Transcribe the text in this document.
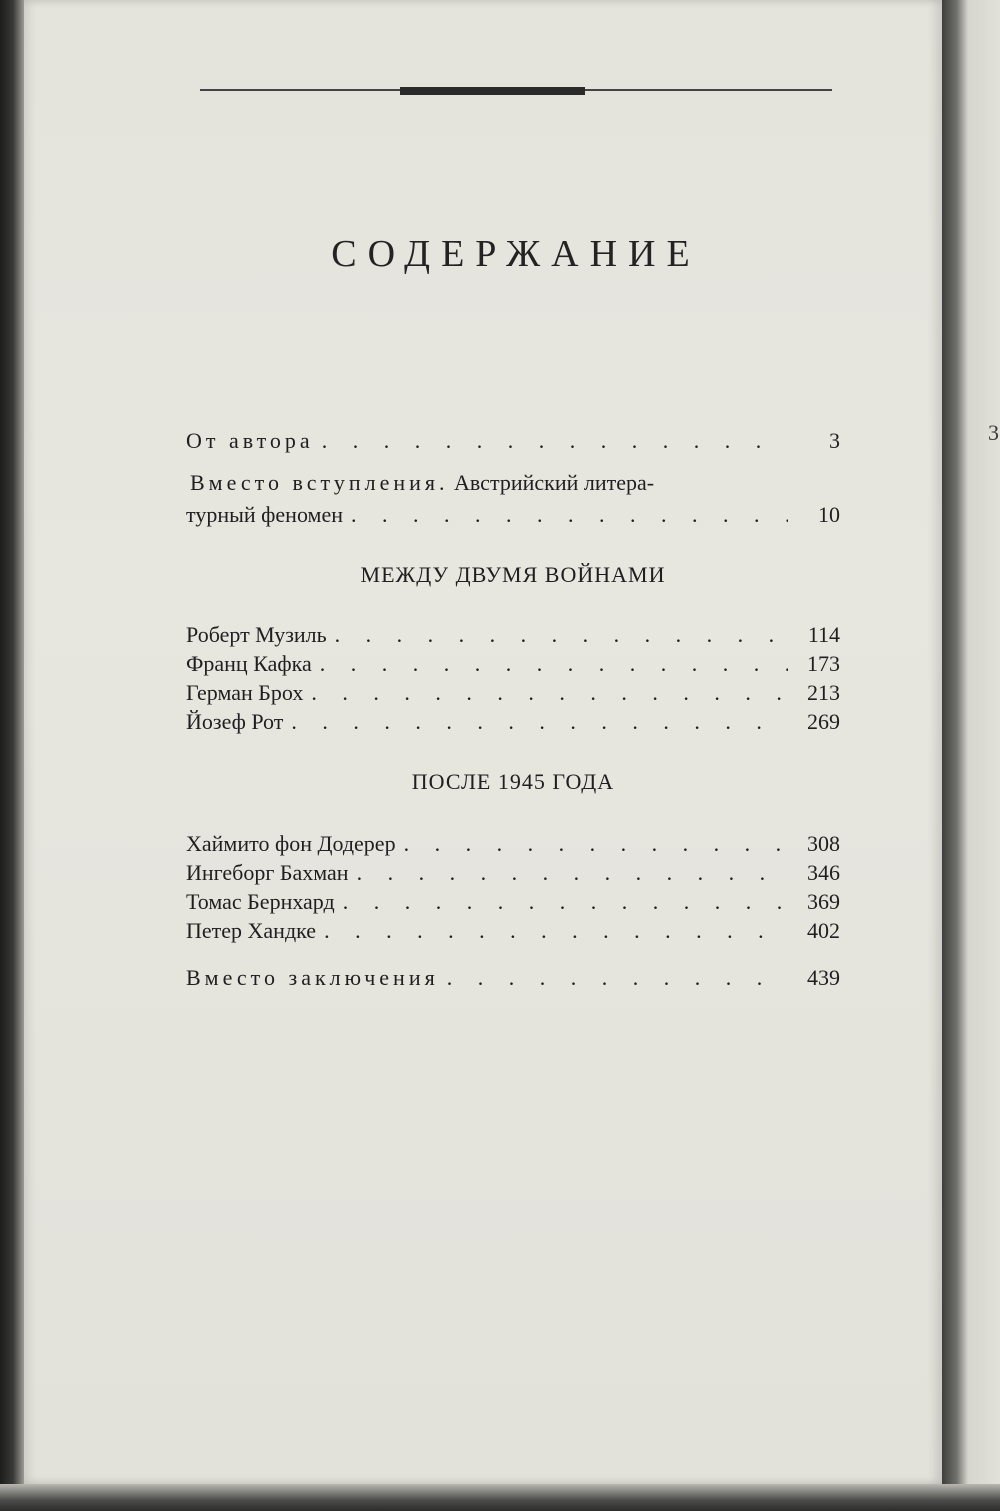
3
СОДЕРЖАНИЕ
От автора . . .	3
Вместо вступления. Австрийский литера-
турный феномен . . .	10
МЕЖДУ ДВУМЯ ВОЙНАМИ
Роберт Музиль . . .	114
Франц Кафка . . .	173
Герман Брох . . .	213
Йозеф Рот . . .	269
ПОСЛЕ 1945 ГОДА
Хаймито фон Додерер . . .	308
Ингеборг Бахман . . .	346
Томас Бернхард . . .	369
Петер Хандке . . .	402
Вместо заключения . . .	439
